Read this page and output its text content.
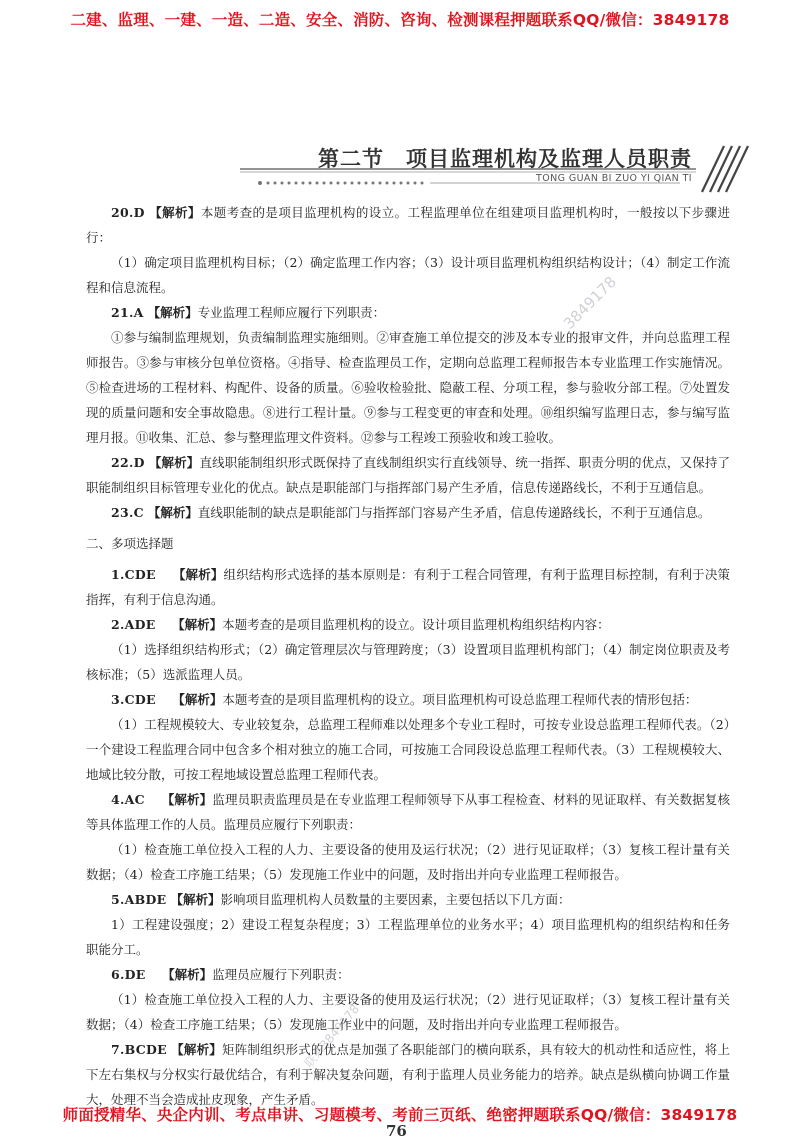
二建、监理、一建、一造、二造、安全、消防、咨询、检测课程押题联系QQ/微信：3849178
第二节　项目监理机构及监理人员职责
TONG GUAN BI ZUO YI QIAN TI

20.D 【解析】本题考查的是项目监理机构的设立。工程监理单位在组建项目监理机构时，一般按以下步骤进行：

（1）确定项目监理机构目标；（2）确定监理工作内容；（3）设计项目监理机构组织结构设计；（4）制定工作流程和信息流程。

21.A 【解析】专业监理工程师应履行下列职责：

①参与编制监理规划，负责编制监理实施细则。②审查施工单位提交的涉及本专业的报审文件，并向总监理工程师报告。③参与审核分包单位资格。④指导、检查监理员工作，定期向总监理工程师报告本专业监理工作实施情况。⑤检查进场的工程材料、构配件、设备的质量。⑥验收检验批、隐蔽工程、分项工程，参与验收分部工程。⑦处置发现的质量问题和安全事故隐患。⑧进行工程计量。⑨参与工程变更的审查和处理。⑩组织编写监理日志，参与编写监理月报。⑪收集、汇总、参与整理监理文件资料。⑫参与工程竣工预验收和竣工验收。

22.D 【解析】直线职能制组织形式既保持了直线制组织实行直线领导、统一指挥、职责分明的优点，又保持了职能制组织目标管理专业化的优点。缺点是职能部门与指挥部门易产生矛盾，信息传递路线长，不利于互通信息。

23.C 【解析】直线职能制的缺点是职能部门与指挥部门容易产生矛盾，信息传递路线长，不利于互通信息。

二、多项选择题

1.CDE　 【解析】组织结构形式选择的基本原则是：有利于工程合同管理，有利于监理目标控制，有利于决策指挥，有利于信息沟通。

2.ADE　 【解析】本题考查的是项目监理机构的设立。设计项目监理机构组织结构内容：

（1）选择组织结构形式；（2）确定管理层次与管理跨度；（3）设置项目监理机构部门；（4）制定岗位职责及考核标准；（5）选派监理人员。

3.CDE　 【解析】本题考查的是项目监理机构的设立。项目监理机构可设总监理工程师代表的情形包括：

（1）工程规模较大、专业较复杂，总监理工程师难以处理多个专业工程时，可按专业设总监理工程师代表。（2）一个建设工程监理合同中包含多个相对独立的施工合同，可按施工合同段设总监理工程师代表。（3）工程规模较大、地域比较分散，可按工程地域设置总监理工程师代表。

4.AC　 【解析】监理员职责监理员是在专业监理工程师领导下从事工程检查、材料的见证取样、有关数据复核等具体监理工作的人员。监理员应履行下列职责：

（1）检查施工单位投入工程的人力、主要设备的使用及运行状况；（2）进行见证取样；（3）复核工程计量有关数据；（4）检查工序施工结果；（5）发现施工作业中的问题，及时指出并向专业监理工程师报告。

5.ABDE 【解析】影响项目监理机构人员数量的主要因素，主要包括以下几方面：

1）工程建设强度；2）建设工程复杂程度；3）工程监理单位的业务水平；4）项目监理机构的组织结构和任务职能分工。

6.DE　 【解析】监理员应履行下列职责：

（1）检查施工单位投入工程的人力、主要设备的使用及运行状况；（2）进行见证取样；（3）复核工程计量有关数据；（4）检查工序施工结果；（5）发现施工作业中的问题，及时指出并向专业监理工程师报告。

7.BCDE 【解析】矩阵制组织形式的优点是加强了各职能部门的横向联系，具有较大的机动性和适应性，将上下左右集权与分权实行最优结合，有利于解决复杂问题，有利于监理人员业务能力的培养。缺点是纵横向协调工作量大，处理不当会造成扯皮现象，产生矛盾。

3849178
联系3849178
师面授精华、央企内训、考点串讲、习题模考、考前三页纸、绝密押题联系QQ/微信：3849178
76
